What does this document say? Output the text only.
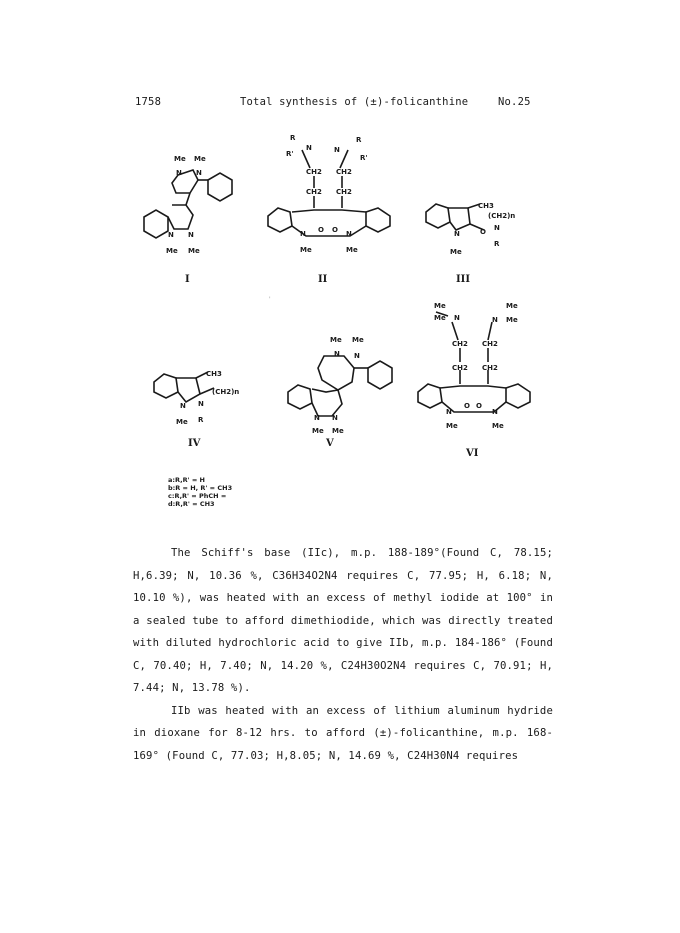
1758	Total synthesis of (±)-folicanthine	No.25
Me Me
N N
N N
Me Me
I
R
R'
N	N
R
R'
CH2 CH2
CH2 CH2
N	N
O O
Me	Me
II
CH3
(CH2)n
N
N
O
Me
R
III
CH3
(CH2)n
N N
Me R
IV
Me Me
N N
N N
Me Me
V
Me
Me
Me
Me
N	N
CH2 CH2
CH2 CH2
N	N
O O
Me	Me
VI
'
a:R,R' = H
b:R = H, R' = CH3
c:R,R' = PhCH =
d:R,R' = CH3

The Schiff's base (IIc), m.p. 188-189°(Found C, 78.15; H,6.39; N, 10.36 %, C36H34O2N4 requires C, 77.95; H, 6.18; N, 10.10 %), was heated with an excess of methyl iodide at 100° in a sealed tube to afford dimethiodide, which was directly treated with diluted hydrochloric acid to give IIb, m.p. 184-186° (Found C, 70.40; H, 7.40; N, 14.20 %, C24H30O2N4 requires C, 70.91; H, 7.44; N, 13.78 %).

IIb was heated with an excess of lithium aluminum hydride in dioxane for 8-12 hrs. to afford (±)-folicanthine, m.p. 168-169° (Found C, 77.03; H,8.05; N, 14.69 %, C24H30N4 requires
